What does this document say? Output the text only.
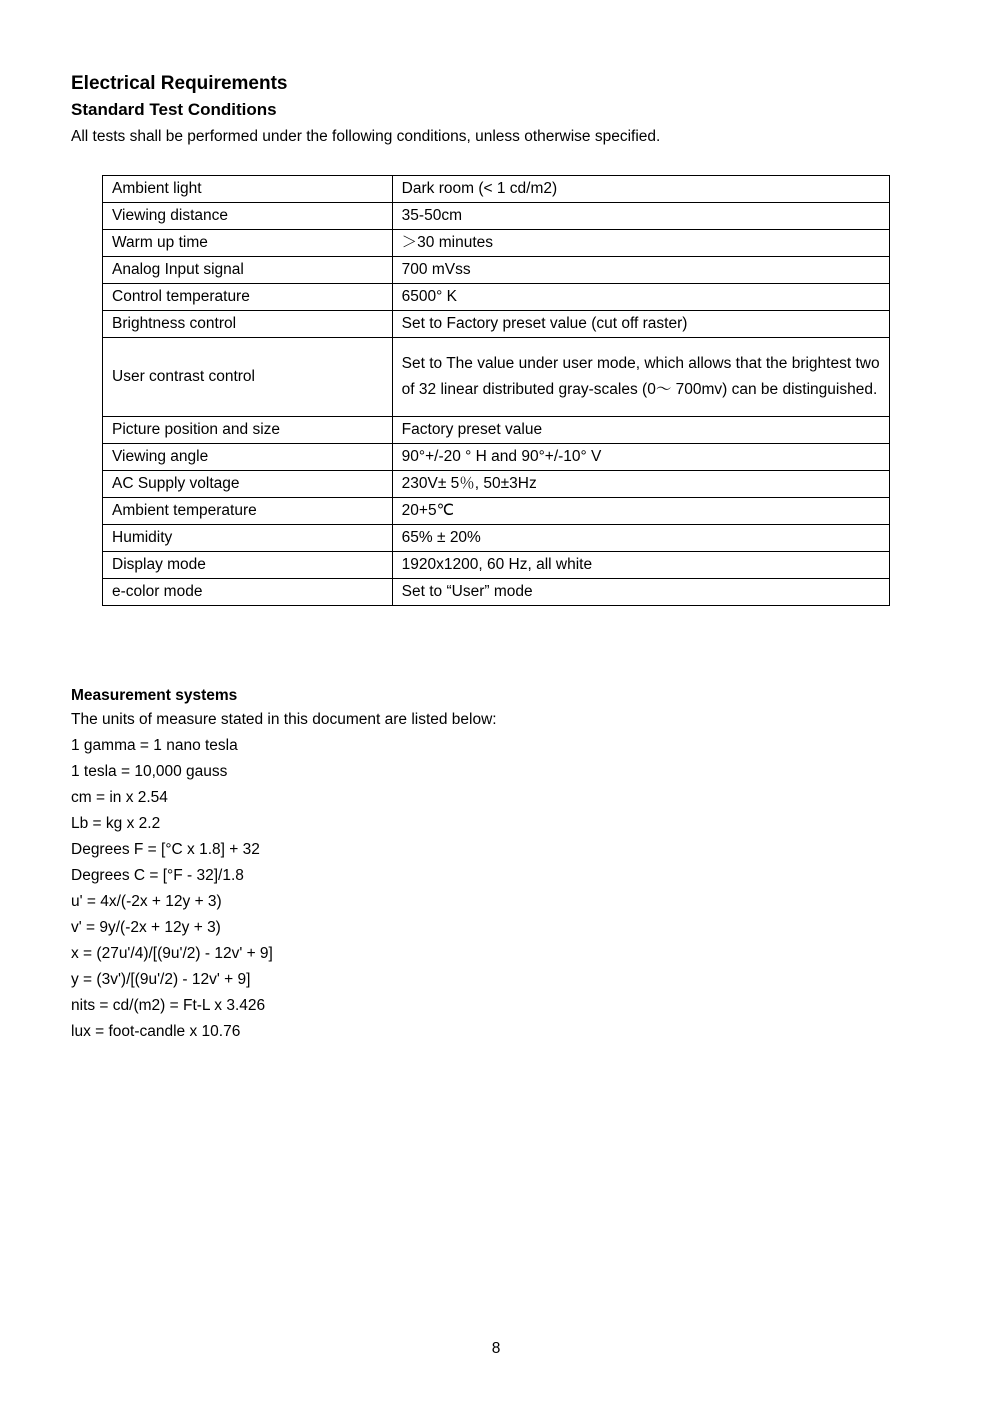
Electrical Requirements
Standard Test Conditions
All tests shall be performed under the following conditions, unless otherwise specified.
Ambient light	Dark room (< 1 cd/m2)
Viewing distance	35-50cm
Warm up time	＞30 minutes
Analog Input signal	700 mVss
Control temperature	6500° K
Brightness control	Set to Factory preset value (cut off raster)
User contrast control	Set to The value under user mode, which allows that the brightest two of 32 linear distributed gray-scales (0～ 700mv) can be distinguished.
Picture position and size	Factory preset value
Viewing angle	90°+/-20 ° H and 90°+/-10° V
AC Supply voltage	230V± 5％, 50±3Hz
Ambient temperature	20+5℃
Humidity	65% ± 20%
Display mode	1920x1200, 60 Hz, all white
e-color mode	Set to “User” mode
Measurement systems
The units of measure stated in this document are listed below:
1 gamma = 1 nano tesla
1 tesla = 10,000 gauss
cm = in x 2.54
Lb = kg x 2.2
Degrees F = [°C x 1.8] + 32
Degrees C = [°F - 32]/1.8
u' = 4x/(-2x + 12y + 3)
v' = 9y/(-2x + 12y + 3)
x = (27u'/4)/[(9u'/2) - 12v' + 9]
y = (3v')/[(9u'/2) - 12v' + 9]
nits = cd/(m2) = Ft-L x 3.426
lux = foot-candle x 10.76
8
